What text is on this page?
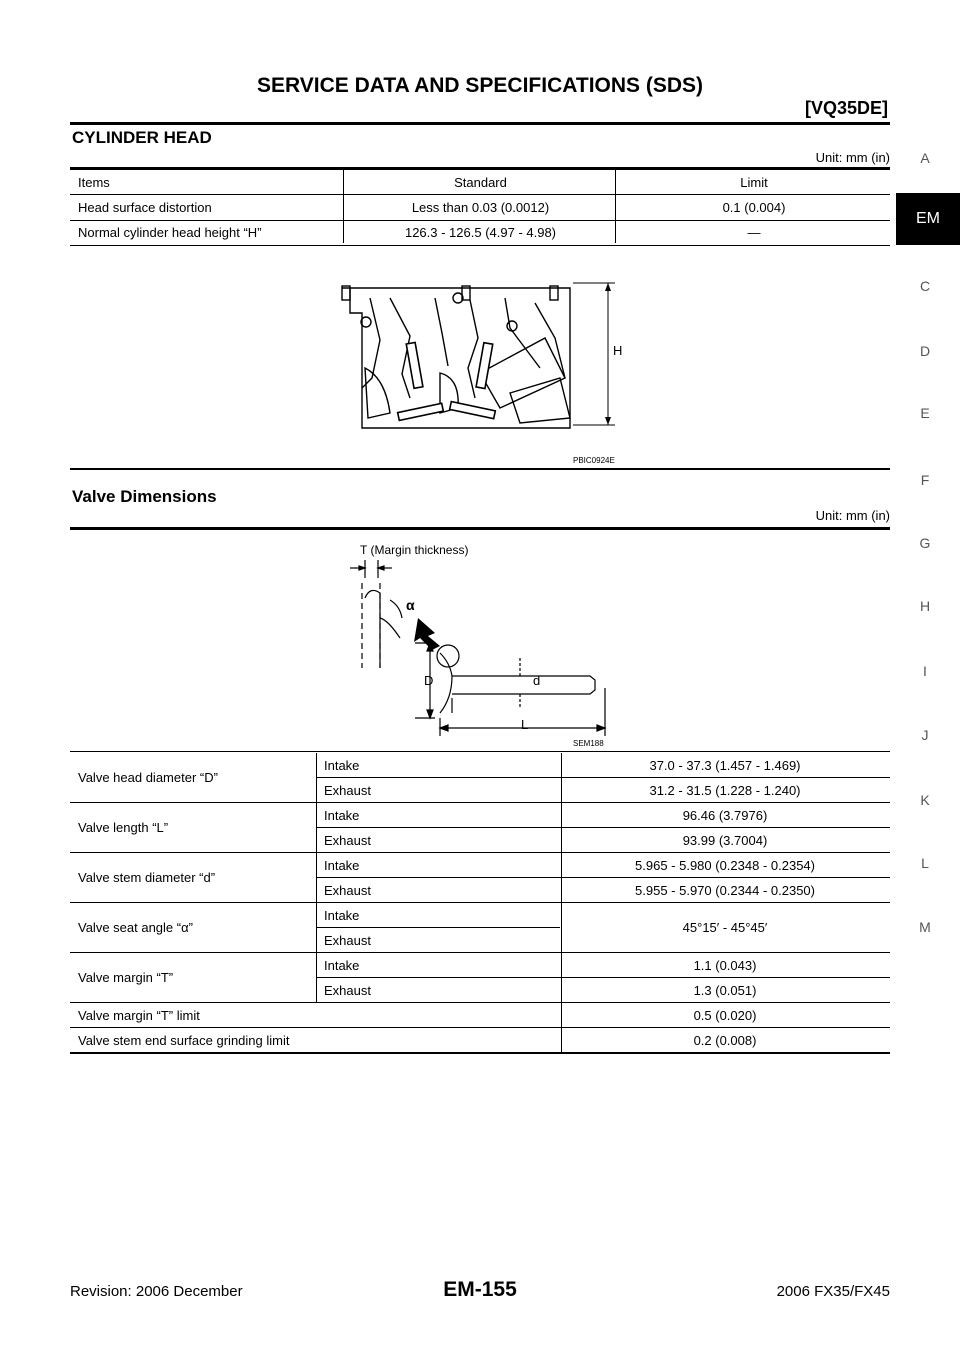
SERVICE DATA AND SPECIFICATIONS (SDS)
[VQ35DE]
A
EM
C
D
E
F
G
H
I
J
K
L
M
CYLINDER HEAD
Unit: mm (in)
Items	Standard	Limit
Head surface distortion	Less than 0.03 (0.0012)	0.1 (0.004)
Normal cylinder head height “H”	126.3 - 126.5 (4.97 - 4.98)	—
H
PBIC0924E
Valve Dimensions
Unit: mm (in)
T (Margin thickness)
α
D	d
L
SEM188
Valve head diameter “D”	Intake	37.0 - 37.3 (1.457 - 1.469)
	Exhaust	31.2 - 31.5 (1.228 - 1.240)
Valve length “L”	Intake	96.46 (3.7976)
	Exhaust	93.99 (3.7004)
Valve stem diameter “d”	Intake	5.965 - 5.980 (0.2348 - 0.2354)
	Exhaust	5.955 - 5.970 (0.2344 - 0.2350)
Valve seat angle “α”	Intake	45°15′ - 45°45′
	Exhaust	
Valve margin “T”	Intake	1.1 (0.043)
	Exhaust	1.3 (0.051)
Valve margin “T” limit		0.5 (0.020)
Valve stem end surface grinding limit		0.2 (0.008)
Revision: 2006 December	EM-155	2006 FX35/FX45
